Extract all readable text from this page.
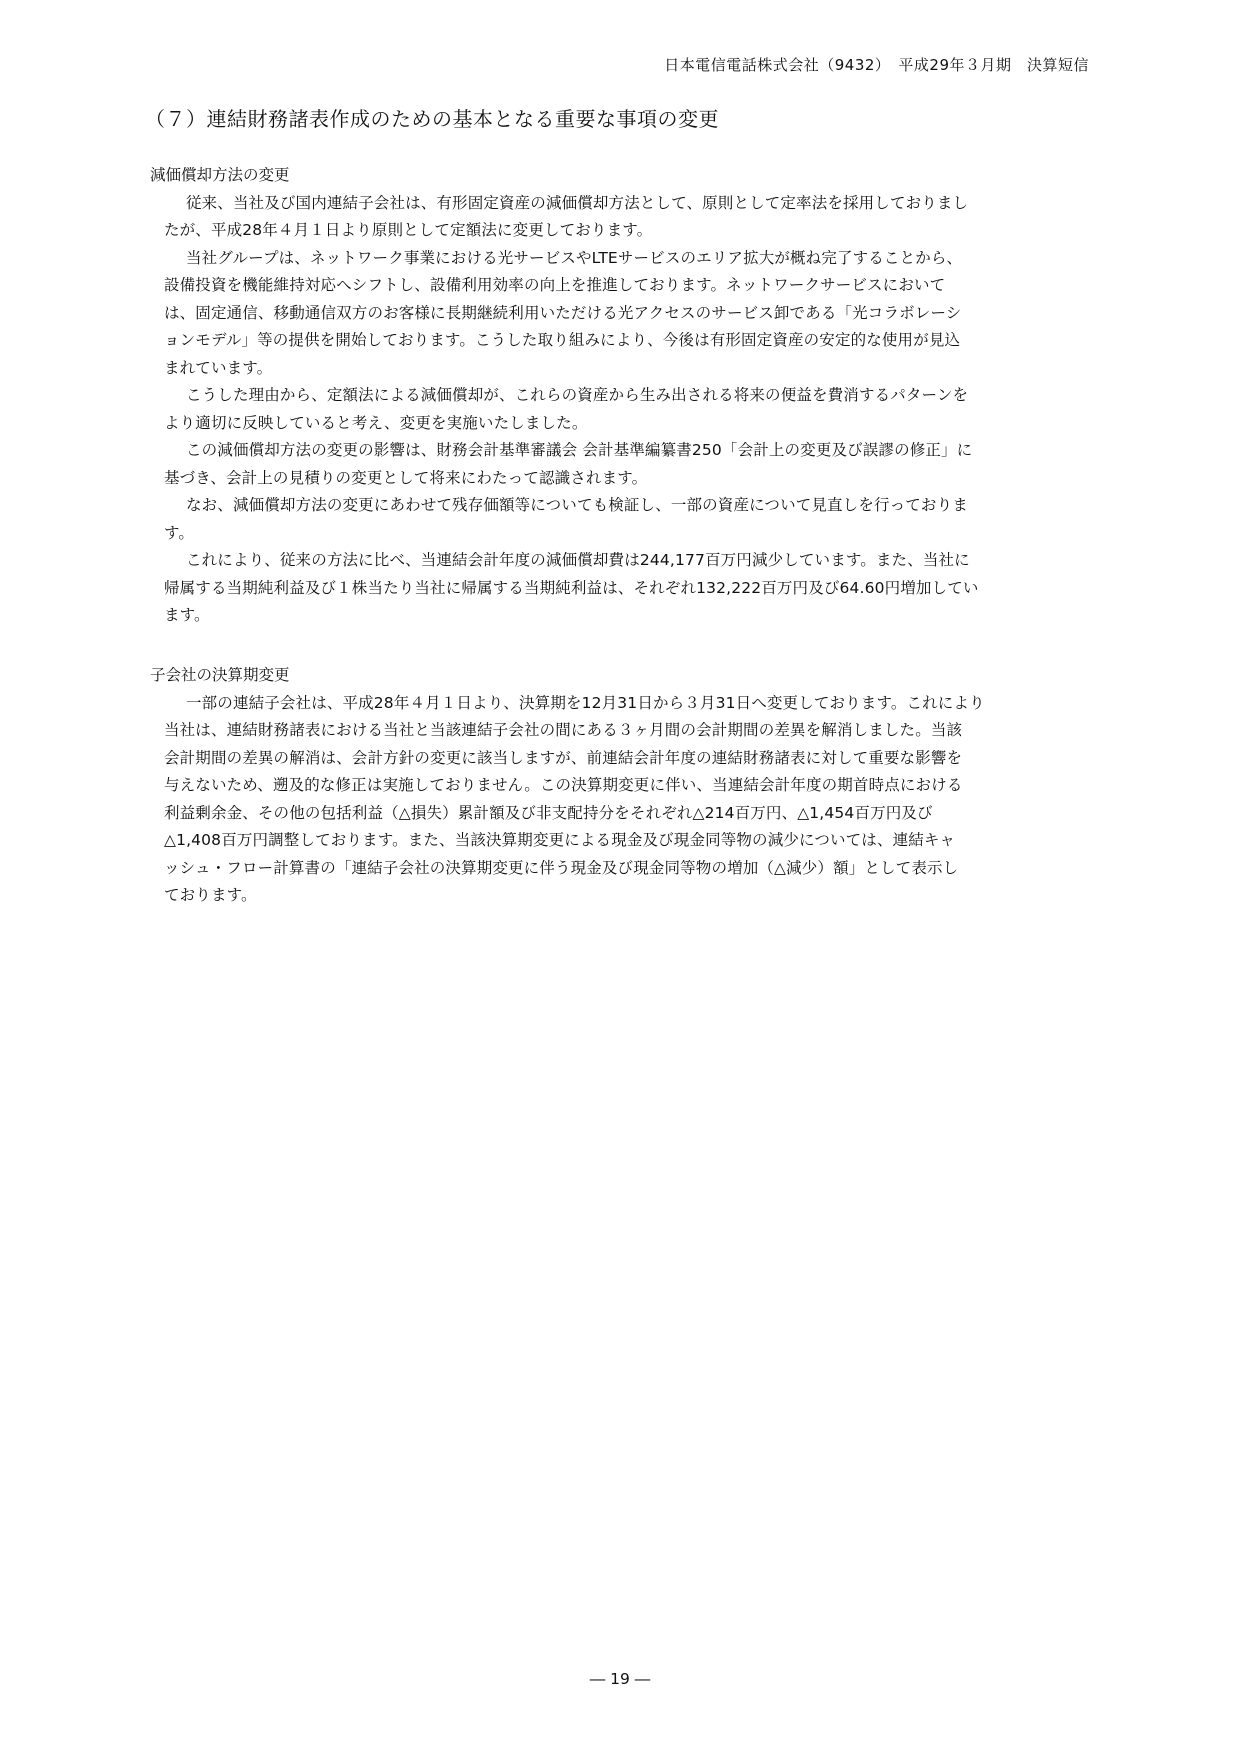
日本電信電話株式会社（9432）　平成29年３月期　決算短信
（７）連結財務諸表作成のための基本となる重要な事項の変更
減価償却方法の変更
従来、当社及び国内連結子会社は、有形固定資産の減価償却方法として、原則として定率法を採用しておりまし
たが、平成28年４月１日より原則として定額法に変更しております。
当社グループは、ネットワーク事業における光サービスやLTEサービスのエリア拡大が概ね完了することから、
設備投資を機能維持対応へシフトし、設備利用効率の向上を推進しております。ネットワークサービスにおいて
は、固定通信、移動通信双方のお客様に長期継続利用いただける光アクセスのサービス卸である「光コラボレーシ
ョンモデル」等の提供を開始しております。こうした取り組みにより、今後は有形固定資産の安定的な使用が見込
まれています。
こうした理由から、定額法による減価償却が、これらの資産から生み出される将来の便益を費消するパターンを
より適切に反映していると考え、変更を実施いたしました。
この減価償却方法の変更の影響は、財務会計基準審議会 会計基準編纂書250「会計上の変更及び誤謬の修正」に
基づき、会計上の見積りの変更として将来にわたって認識されます。
なお、減価償却方法の変更にあわせて残存価額等についても検証し、一部の資産について見直しを行っておりま
す。
これにより、従来の方法に比べ、当連結会計年度の減価償却費は244,177百万円減少しています。また、当社に
帰属する当期純利益及び１株当たり当社に帰属する当期純利益は、それぞれ132,222百万円及び64.60円増加してい
ます。
子会社の決算期変更
一部の連結子会社は、平成28年４月１日より、決算期を12月31日から３月31日へ変更しております。これにより
当社は、連結財務諸表における当社と当該連結子会社の間にある３ヶ月間の会計期間の差異を解消しました。当該
会計期間の差異の解消は、会計方針の変更に該当しますが、前連結会計年度の連結財務諸表に対して重要な影響を
与えないため、遡及的な修正は実施しておりません。この決算期変更に伴い、当連結会計年度の期首時点における
利益剰余金、その他の包括利益（△損失）累計額及び非支配持分をそれぞれ△214百万円、△1,454百万円及び
△1,408百万円調整しております。また、当該決算期変更による現金及び現金同等物の減少については、連結キャ
ッシュ・フロー計算書の「連結子会社の決算期変更に伴う現金及び現金同等物の増加（△減少）額」として表示し
ております。
― 19 ―
